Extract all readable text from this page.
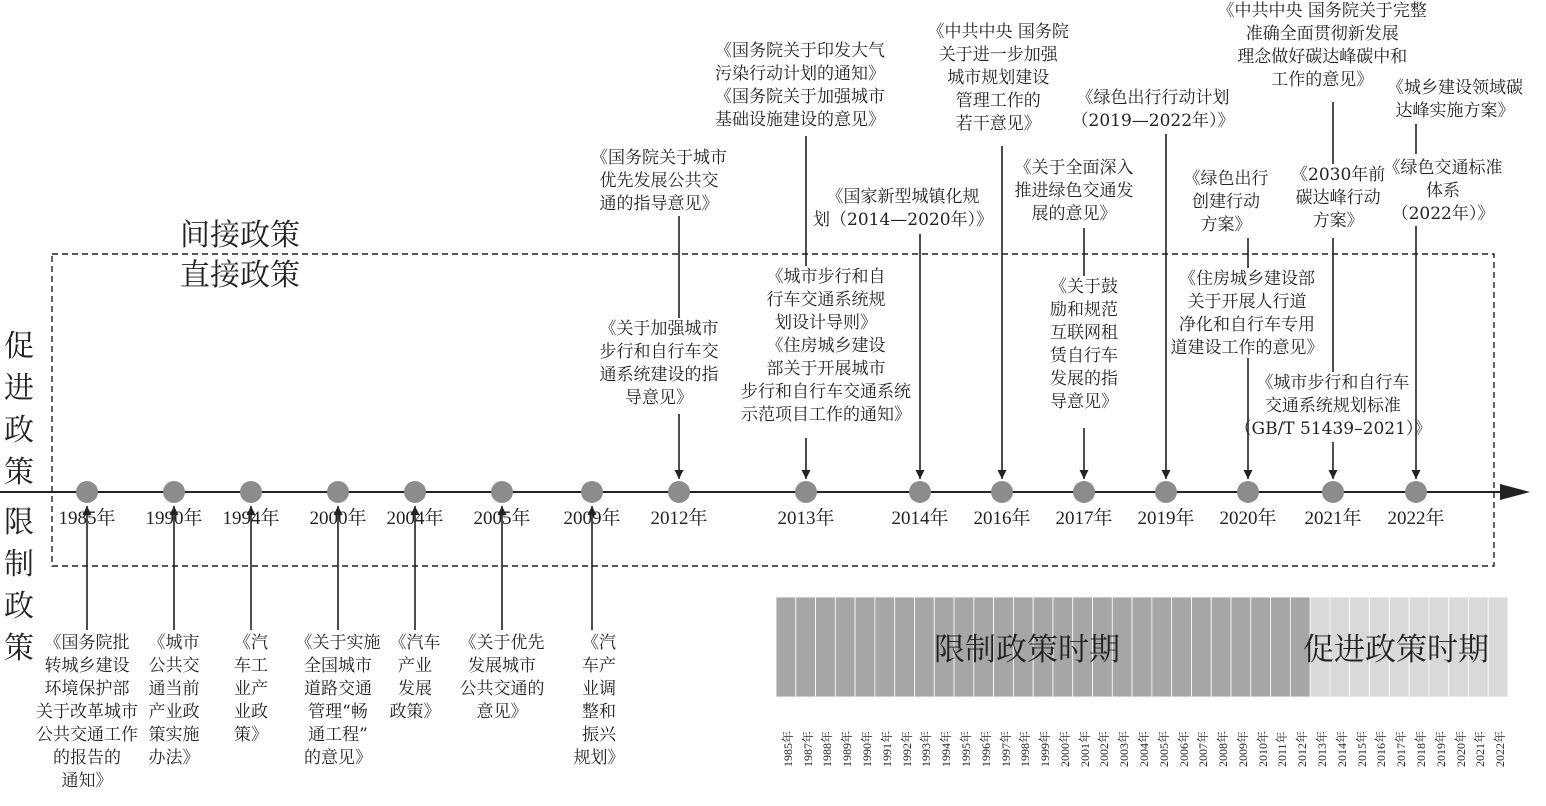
间接政策
直接政策
促
进
政
策
限
制
政
策	限制政策时期	促进政策时期
1985年 1990年 1994年 2000年 2004年 2005年 2009年 2012年	2013年	2014年 2016年 2017年 2019年 2020年 2021年 2022年
《国务院批
转城乡建设
环境保护部
关于改革城市
公共交通工作
的报告的
通知》
《城市
公共交
通当前
产业政
策实施
办法》
《汽
车工
业产
业政
策》
《关于实施
全国城市
道路交通
管理“畅
通工程”
的意见》
《汽车
产业
发展
政策》
《关于优先
发展城市
公共交通的
意见》
《汽
车产
业调
整和
振兴
规划》
《关于加强城市
步行和自行车交
通系统建设的指
导意见》
《城市步行和自
行车交通系统规
划设计导则》
《住房城乡建设
部关于开展城市
步行和自行车交通系统
示范项目工作的通知》
《关于鼓
励和规范
互联网租
赁自行车
发展的指
导意见》
《住房城乡建设部
关于开展人行道
净化和自行车专用
道建设工作的意见》
《城市步行和自行车
交通系统规划标准
（GB/T 51439–2021）》
《国务院关于城市
优先发展公共交
通的指导意见》
《国务院关于印发大气
污染行动计划的通知》
《国务院关于加强城市
基础设施建设的意见》
《国家新型城镇化规
划（2014—2020年）》
《中共中央 国务院
关于进一步加强
城市规划建设
管理工作的
若干意见》
《关于全面深入
推进绿色交通发
展的意见》
《绿色出行行动计划
（2019—2022年）》
《绿色出行
创建行动
方案》
《2030年前
碳达峰行动
方案》
《中共中央 国务院关于完整
准确全面贯彻新发展
理念做好碳达峰碳中和
工作的意见》 《城乡建设领域碳
达峰实施方案》
《绿色交通标准
体系
（2022年）》
1985年 1987年 1988年 1989年 1990年 1991年 1992年 1993年 1994年 1995年 1996年 1997年 1998年 1999年 2000年 2001年 2002年 2003年 2004年 2005年 2006年 2007年 2008年 2009年 2010年 2011年 2012年 2013年 2014年 2015年 2016年 2017年 2018年 2019年 2020年 2021年 2022年
